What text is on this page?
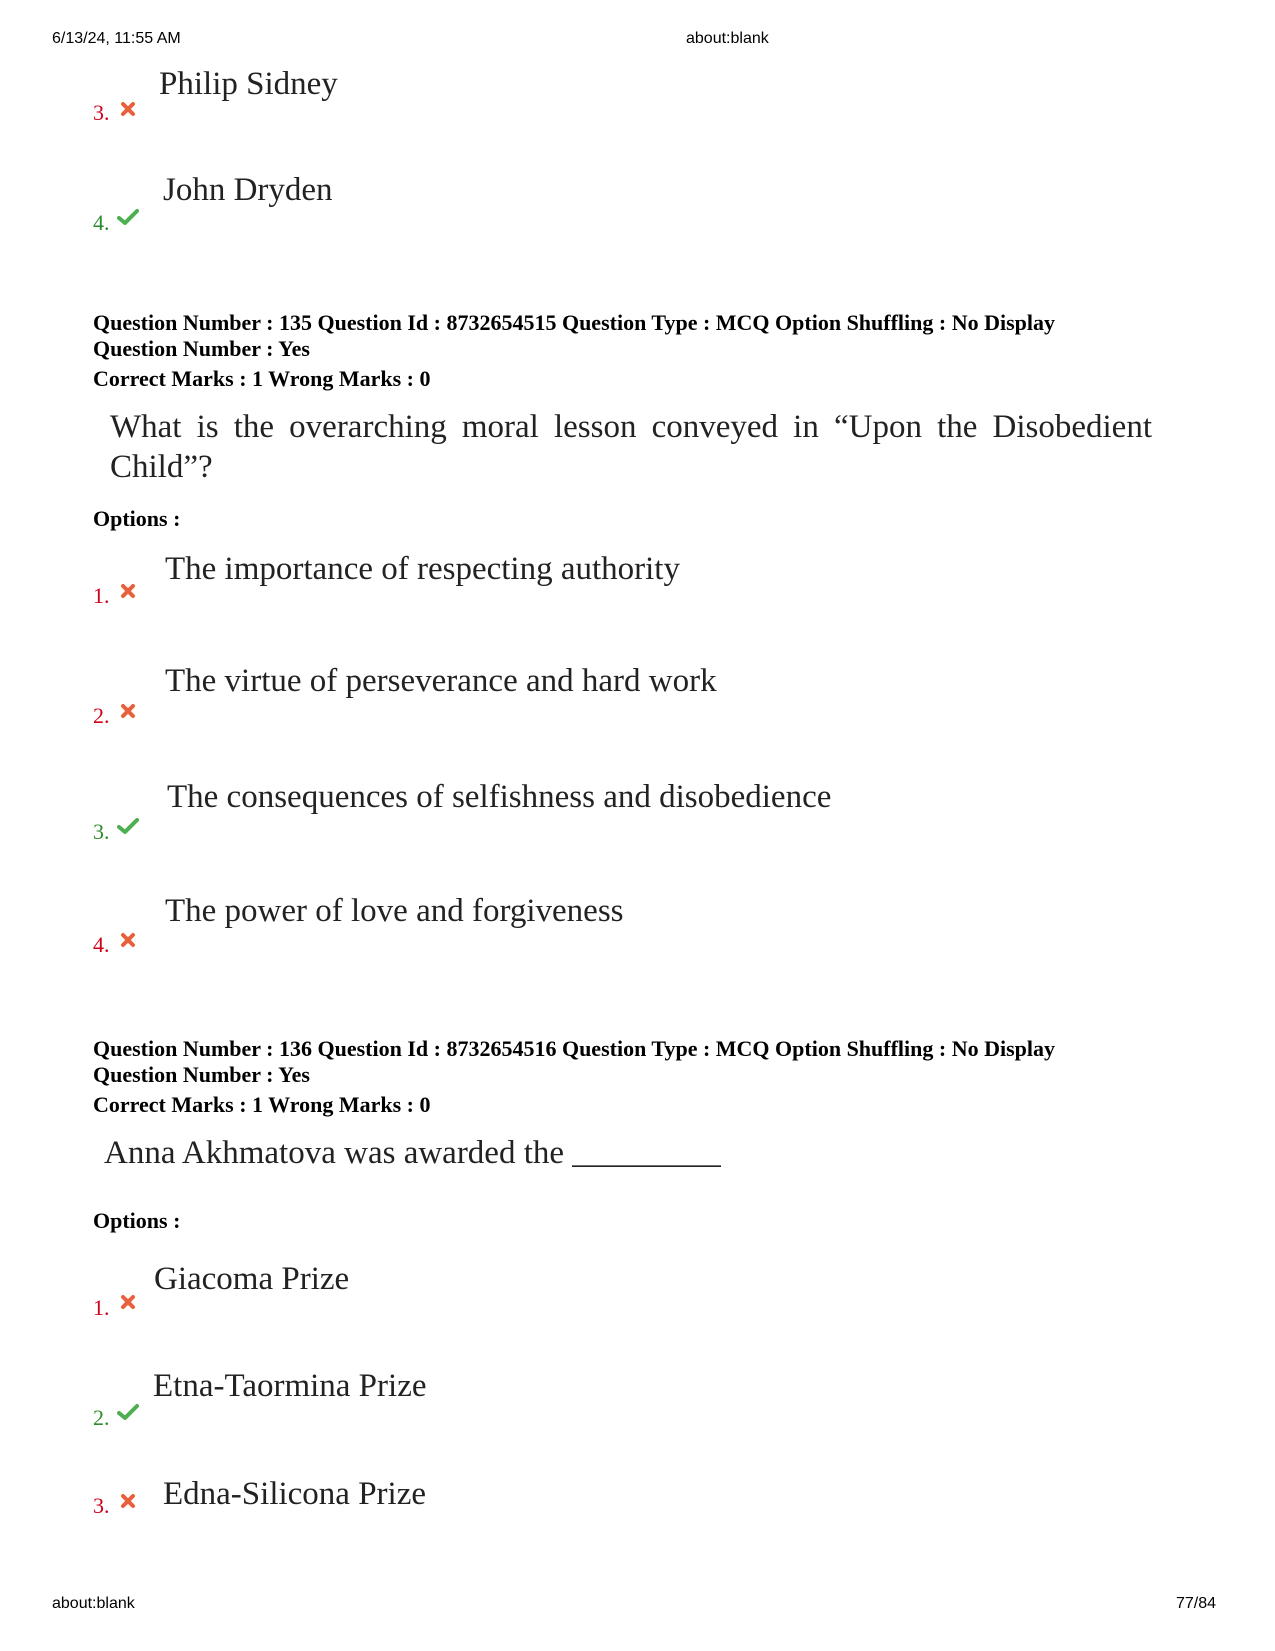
6/13/24, 11:55 AM	about:blank
3.
Philip Sidney
4.
John Dryden
Question Number : 135 Question Id : 8732654515 Question Type : MCQ Option Shuffling : No Display
Question Number : Yes
Correct Marks : 1 Wrong Marks : 0
What is the overarching moral lesson conveyed in “Upon the Disobedient Child”?
Options :
1.
The importance of respecting authority
2.
The virtue of perseverance and hard work
3.
The consequences of selfishness and disobedience
4.
The power of love and forgiveness
Question Number : 136 Question Id : 8732654516 Question Type : MCQ Option Shuffling : No Display
Question Number : Yes
Correct Marks : 1 Wrong Marks : 0
Anna Akhmatova was awarded the _________
Options :
1.
Giacoma Prize
2.
Etna-Taormina Prize
3. Edna-Silicona Prize
about:blank	77/84
